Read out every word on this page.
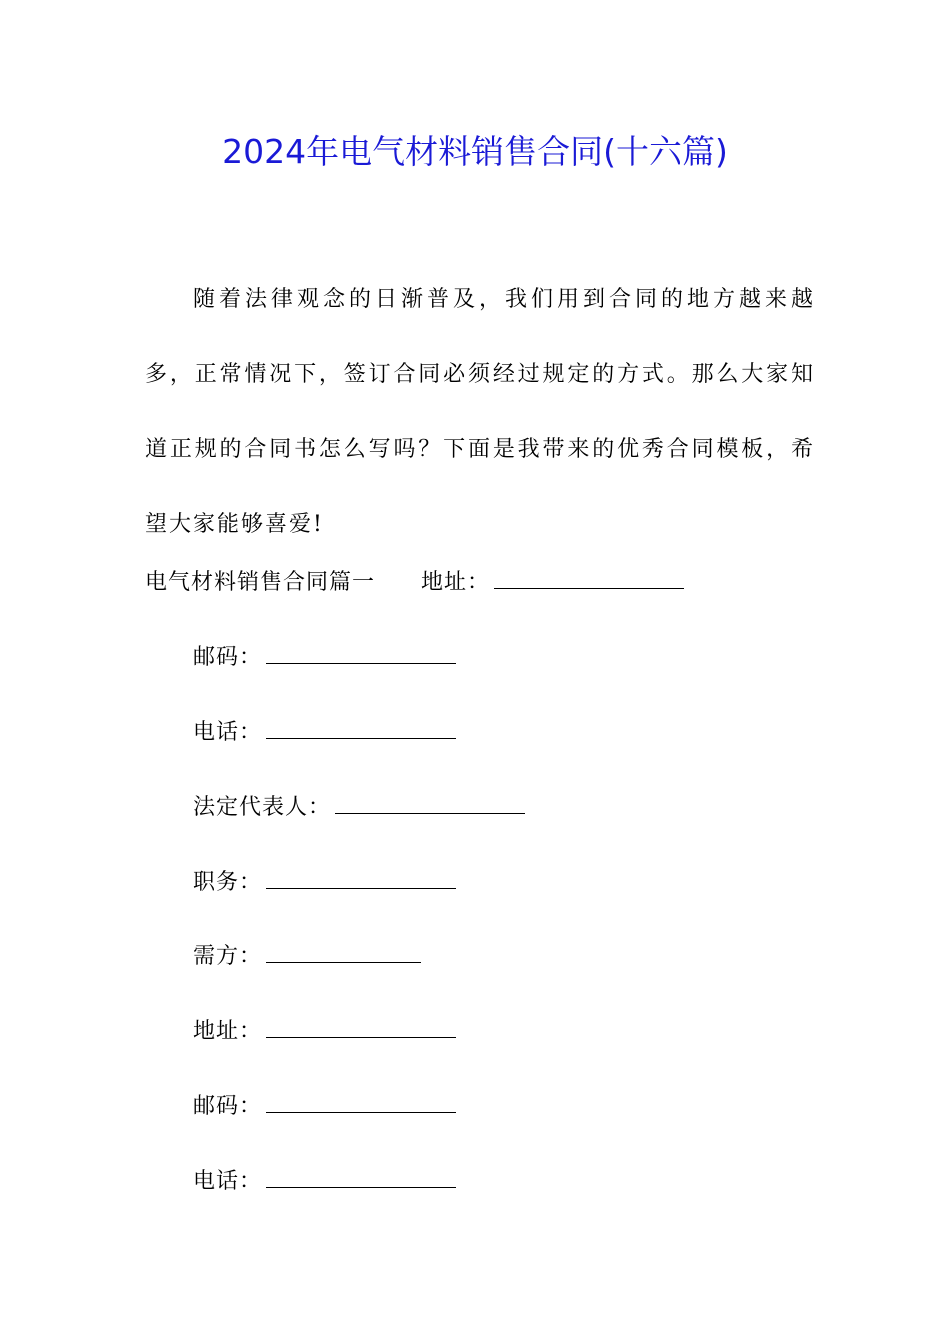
2024年电气材料销售合同(十六篇)

随着法律观念的日渐普及，我们用到合同的地方越来越多，正常情况下，签订合同必须经过规定的方式。那么大家知道正规的合同书怎么写吗？下面是我带来的优秀合同模板，希望大家能够喜爱!

电气材料销售合同篇一 地址：
邮码：
电话：
法定代表人：
职务：
需方：
地址：
邮码：
电话：
